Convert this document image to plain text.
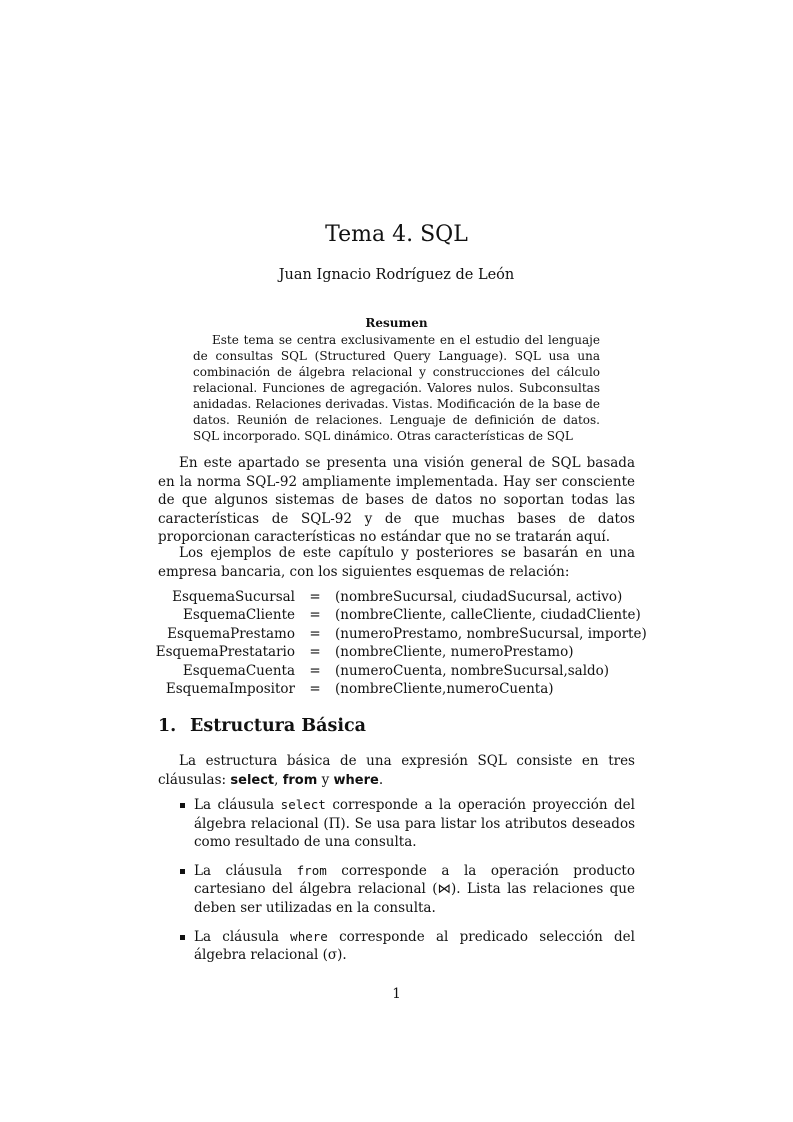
Tema 4. SQL
Juan Ignacio Rodríguez de León
Resumen
Este tema se centra exclusivamente en el estudio del lenguaje de consultas SQL (Structured Query Language). SQL usa una combinación de álgebra relacional y construcciones del cálculo relacional. Funciones de agregación. Valores nulos. Subconsultas anidadas. Relaciones derivadas. Vistas. Modificación de la base de datos. Reunión de relaciones. Lenguaje de definición de datos. SQL incorporado. SQL dinámico. Otras características de SQL

En este apartado se presenta una visión general de SQL basada en la norma SQL-92 ampliamente implementada. Hay ser consciente de que algunos sistemas de bases de datos no soportan todas las características de SQL-92 y de que muchas bases de datos proporcionan características no estándar que no se tratarán aquí.

Los ejemplos de este capítulo y posteriores se basarán en una empresa bancaria, con los siguientes esquemas de relación:

EsquemaSucursal	=	(nombreSucursal, ciudadSucursal, activo)
EsquemaCliente	=	(nombreCliente, calleCliente, ciudadCliente)
EsquemaPrestamo	=	(numeroPrestamo, nombreSucursal, importe)
EsquemaPrestatario	=	(nombreCliente, numeroPrestamo)
EsquemaCuenta	=	(numeroCuenta, nombreSucursal,saldo)
EsquemaImpositor	=	(nombreCliente,numeroCuenta)
1. Estructura Básica

La estructura básica de una expresión SQL consiste en tres cláusulas: select, from y where.

La cláusula select corresponde a la operación proyección del álgebra relacional (Π). Se usa para listar los atributos deseados como resultado de una consulta.
La cláusula from corresponde a la operación producto cartesiano del álgebra relacional (⋈). Lista las relaciones que deben ser utilizadas en la consulta.
La cláusula where corresponde al predicado selección del álgebra relacional (σ).
1
